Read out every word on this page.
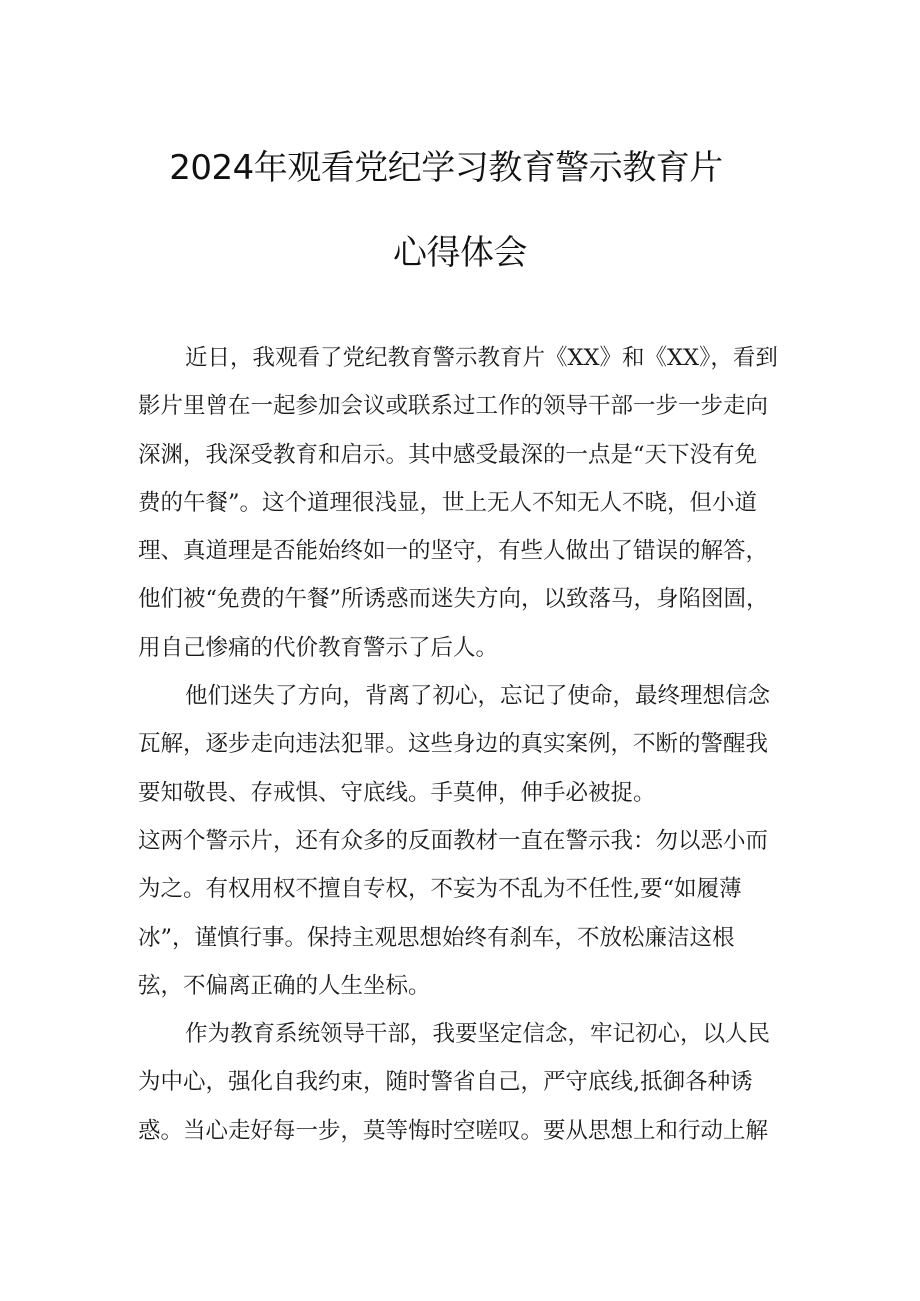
2024年观看党纪学习教育警示教育片
心得体会
近日，我观看了党纪教育警示教育片《XX》和《XX》，看到
影片里曾在一起参加会议或联系过工作的领导干部一步一步走向
深渊，我深受教育和启示。其中感受最深的一点是“天下没有免
费的午餐”。这个道理很浅显，世上无人不知无人不晓，但小道
理、真道理是否能始终如一的坚守，有些人做出了错误的解答，
他们被“免费的午餐”所诱惑而迷失方向，以致落马，身陷囹圄，
用自己惨痛的代价教育警示了后人。
他们迷失了方向，背离了初心，忘记了使命，最终理想信念
瓦解，逐步走向违法犯罪。这些身边的真实案例，不断的警醒我
要知敬畏、存戒惧、守底线。手莫伸，伸手必被捉。
这两个警示片，还有众多的反面教材一直在警示我：勿以恶小而
为之。有权用权不擅自专权，不妄为不乱为不任性,要“如履薄
冰”，谨慎行事。保持主观思想始终有刹车，不放松廉洁这根
弦，不偏离正确的人生坐标。
作为教育系统领导干部，我要坚定信念，牢记初心，以人民
为中心，强化自我约束，随时警省自己，严守底线,抵御各种诱
惑。当心走好每一步，莫等悔时空嗟叹。要从思想上和行动上解
